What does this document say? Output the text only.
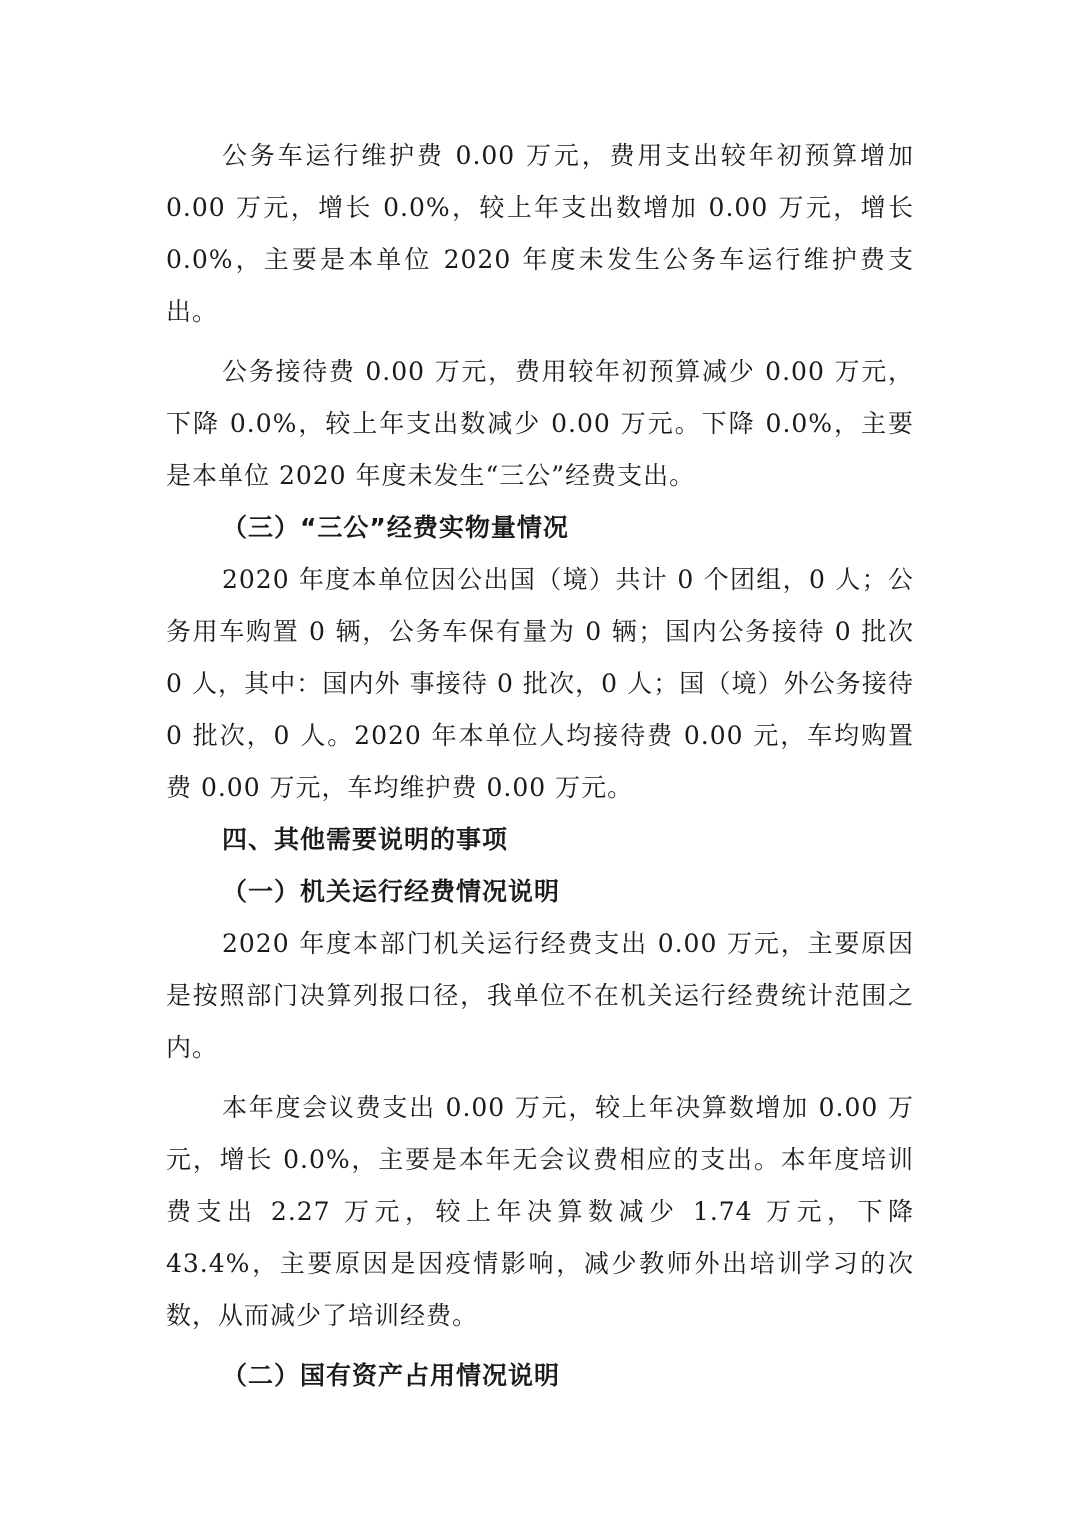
公务车运行维护费 0.00 万元，费用支出较年初预算增加 0.00 万元，增长 0.0%，较上年支出数增加 0.00 万元，增长 0.0%，主要是本单位 2020 年度未发生公务车运行维护费支出。

公务接待费 0.00 万元，费用较年初预算减少 0.00 万元，下降 0.0%，较上年支出数减少 0.00 万元。下降 0.0%，主要是本单位 2020 年度未发生“三公”经费支出。

（三）“三公”经费实物量情况

2020 年度本单位因公出国（境）共计 0 个团组，0 人；公务用车购置 0 辆，公务车保有量为 0 辆；国内公务接待 0 批次 0 人，其中：国内外 事接待 0 批次，0 人；国（境）外公务接待 0 批次，0 人。2020 年本单位人均接待费 0.00 元，车均购置费 0.00 万元，车均维护费 0.00 万元。

四、其他需要说明的事项

（一）机关运行经费情况说明

2020 年度本部门机关运行经费支出 0.00 万元，主要原因是按照部门决算列报口径，我单位不在机关运行经费统计范围之内。

本年度会议费支出 0.00 万元，较上年决算数增加 0.00 万元，增长 0.0%，主要是本年无会议费相应的支出。本年度培训费支出 2.27 万元，较上年决算数减少 1.74 万元，下降 43.4%，主要原因是因疫情影响，减少教师外出培训学习的次数，从而减少了培训经费。

（二）国有资产占用情况说明
